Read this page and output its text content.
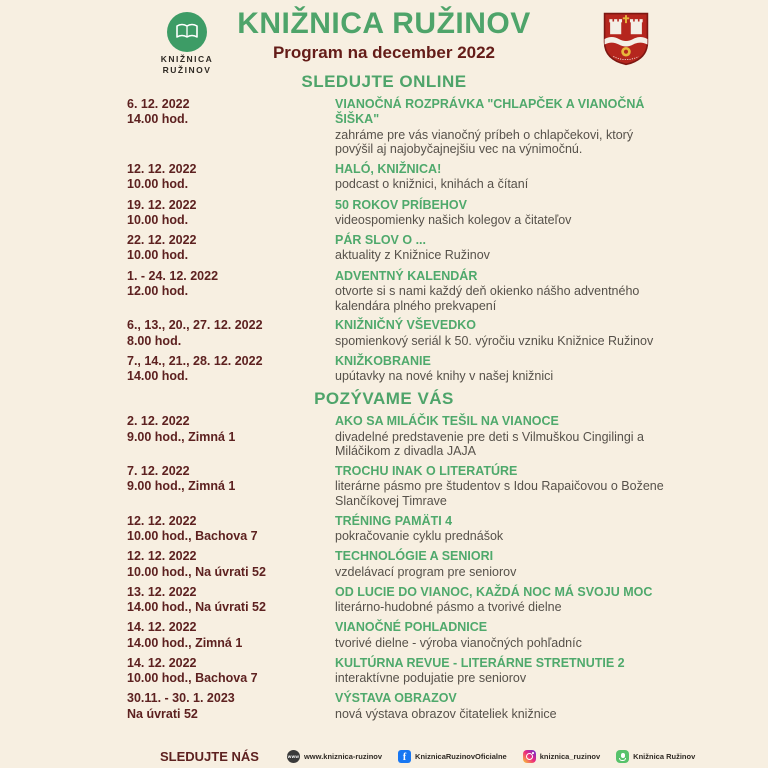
KNIŽNICA
RUŽINOV
KNIŽNICA RUŽINOV
Program na december 2022
SLEDUJTE ONLINE
6. 12. 2022
14.00 hod.
VIANOČNÁ ROZPRÁVKA "CHLAPČEK A VIANOČNÁ ŠIŠKA"
zahráme pre vás vianočný príbeh o chlapčekovi, ktorý povýšil aj najobyčajnejšiu vec na výnimočnú.
12. 12. 2022
10.00 hod.
HALÓ, KNIŽNICA!
podcast o knižnici, knihách a čítaní
19. 12. 2022
10.00 hod.
50 ROKOV PRÍBEHOV
videospomienky našich kolegov a čitateľov
22. 12. 2022
10.00 hod.
PÁR SLOV O ...
aktuality z Knižnice Ružinov
1. - 24. 12. 2022
12.00 hod.
ADVENTNÝ KALENDÁR
otvorte si s nami každý deň okienko nášho adventného kalendára plného prekvapení
6., 13., 20., 27. 12. 2022
8.00 hod.
KNIŽNIČNÝ VŠEVEDKO
spomienkový seriál k 50. výročiu vzniku Knižnice Ružinov
7., 14., 21., 28. 12. 2022
14.00 hod.
KNIŽKOBRANIE
upútavky na nové knihy v našej knižnici
POZÝVAME VÁS
2. 12. 2022
9.00 hod., Zimná 1
AKO SA MILÁČIK TEŠIL NA VIANOCE
divadelné predstavenie pre deti s Vilmuškou Cingilingi a Miláčikom z divadla JAJA
7. 12. 2022
9.00 hod., Zimná 1
TROCHU INAK O LITERATÚRE
literárne pásmo pre študentov s Idou Rapaičovou o Božene Slančíkovej Timrave
12. 12. 2022
10.00 hod., Bachova 7
TRÉNING PAMÄTI 4
pokračovanie cyklu prednášok
12. 12. 2022
10.00 hod., Na úvrati 52
TECHNOLÓGIE A SENIORI
vzdelávací program pre seniorov
13. 12. 2022
14.00 hod., Na úvrati 52
OD LUCIE DO VIANOC, KAŽDÁ NOC MÁ SVOJU MOC
literárno-hudobné pásmo a tvorivé dielne
14. 12. 2022
14.00 hod., Zimná 1
VIANOČNÉ POHLADNICE
tvorivé dielne - výroba vianočných pohľadníc
14. 12. 2022
10.00 hod., Bachova 7
KULTÚRNA REVUE - LITERÁRNE STRETNUTIE 2
interaktívne podujatie pre seniorov
30.11. - 30. 1. 2023
Na úvrati 52
VÝSTAVA OBRAZOV
nová výstava obrazov čitateliek knižnice
SLEDUJTE NÁS	www www.kniznica-ruzinov	f	KniznicaRuzinovOficialne	kniznica_ruzinov	Knižnica Ružinov
